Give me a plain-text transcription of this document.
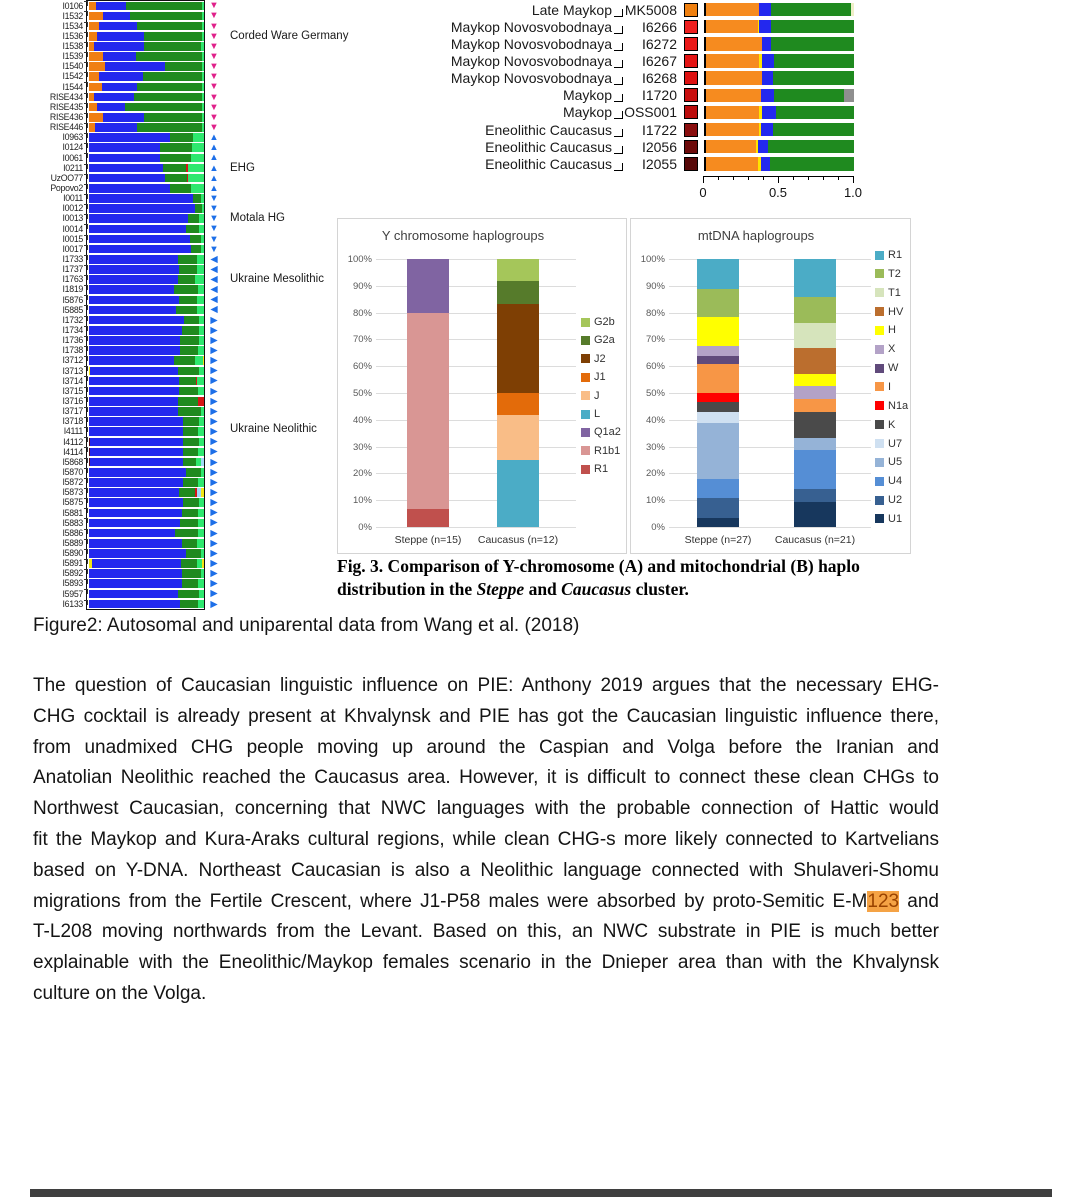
I0106	▼
I1532	▼
I1534	▼
I1536	▼
I1538	▼
I1539	▼
I1540	▼
I1542	▼
I1544	▼
RISE434	▼
RISE435	▼
RISE436	▼
RISE446	▼
Corded Ware Germany
I0963	▲
I0124	▲
I0061	▲
I0211	▲
UzOO77	▲
Popovo2	▲
EHG
I0011	▼
I0012	▼
I0013	▼
I0014	▼
I0015	▼
I0017	▼
Motala HG
I1733	◀
I1737	◀
I1763	◀
I1819	◀
I5876	◀
I5885	◀
Ukraine Mesolithic
I1732	▶
I1734	▶
I1736	▶
I1738	▶
I3712	▶
I3713	▶
I3714	▶
I3715	▶
I3716	▶
I3717	▶
I3718	▶
I4111	▶
I4112	▶
I4114	▶
I5868	▶
I5870	▶
I5872	▶
I5873	▶
I5875	▶
I5881	▶
I5883	▶
I5886	▶
I5889	▶
I5890	▶
I5891	▶
I5892	▶
I5893	▶
I5957	▶
I6133	▶
Ukraine Neolithic
Late Maykop MK5008
Maykop Novosvobodnaya	I6266
Maykop Novosvobodnaya	I6272
Maykop Novosvobodnaya	I6267
Maykop Novosvobodnaya	I6268
Maykop	I1720
Maykop OSS001
Eneolithic Caucasus	I1722
Eneolithic Caucasus	I2056
Eneolithic Caucasus	I2055
0	0.5	1.0
Y chromosome haplogroups
100%
90%
80%
70%
60%
50%
40%
30%
20%
10%
0%
Steppe (n=15)	Caucasus (n=12)
G2b
G2a
J2
J1
J
L
Q1a2
R1b1
R1
mtDNA haplogroups
100%
90%
80%
70%
60%
50%
40%
30%
20%
10%
0%
Steppe (n=27)	Caucasus (n=21)
R1
T2
T1
HV
H
X
W
I
N1a
K
U7
U5
U4
U2
U1
Fig. 3. Comparison of Y-chromosome (A) and mitochondrial (B) haplo
distribution in the Steppe and Caucasus cluster.
Figure2: Autosomal and uniparental data from Wang et al. (2018)
The question of Caucasian linguistic influence on PIE: Anthony 2019 argues that the necessary EHG-
CHG cocktail is already present at Khvalynsk and PIE has got the Caucasian linguistic influence there,
from unadmixed CHG people moving up around the Caspian and Volga before the Iranian and
Anatolian Neolithic reached the Caucasus area. However, it is difficult to connect these clean CHGs to
Northwest Caucasian, concerning that NWC languages with the probable connection of Hattic would
fit the Maykop and Kura-Araks cultural regions, while clean CHG-s more likely connected to Kartvelians
based on Y-DNA. Northeast Caucasian is also a Neolithic language connected with Shulaveri-Shomu
migrations from the Fertile Crescent, where J1-P58 males were absorbed by proto-Semitic E-M123 and
T-L208 moving northwards from the Levant. Based on this, an NWC substrate in PIE is much better
explainable with the Eneolithic/Maykop females scenario in the Dnieper area than with the Khvalynsk
culture on the Volga.
